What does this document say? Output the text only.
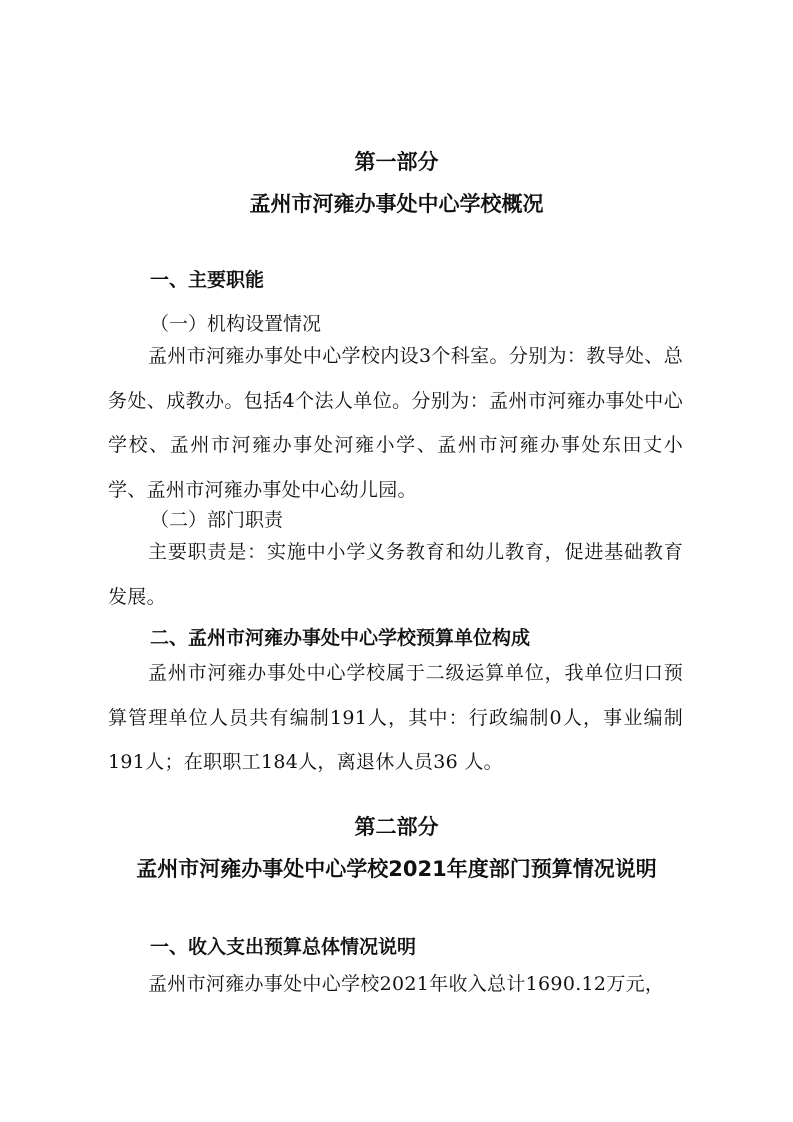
第一部分
孟州市河雍办事处中心学校概况
一、主要职能
（一）机构设置情况
孟州市河雍办事处中心学校内设3个科室。分别为：教导处、总务处、成教办。包括4个法人单位。分别为：孟州市河雍办事处中心学校、孟州市河雍办事处河雍小学、孟州市河雍办事处东田丈小学、孟州市河雍办事处中心幼儿园。
（二）部门职责
主要职责是：实施中小学义务教育和幼儿教育，促进基础教育发展。
二、孟州市河雍办事处中心学校预算单位构成
孟州市河雍办事处中心学校属于二级运算单位，我单位归口预算管理单位人员共有编制191人，其中：行政编制0人，事业编制191人；在职职工184人，离退休人员36 人。
第二部分
孟州市河雍办事处中心学校2021年度部门预算情况说明
一、收入支出预算总体情况说明
孟州市河雍办事处中心学校2021年收入总计1690.12万元，
